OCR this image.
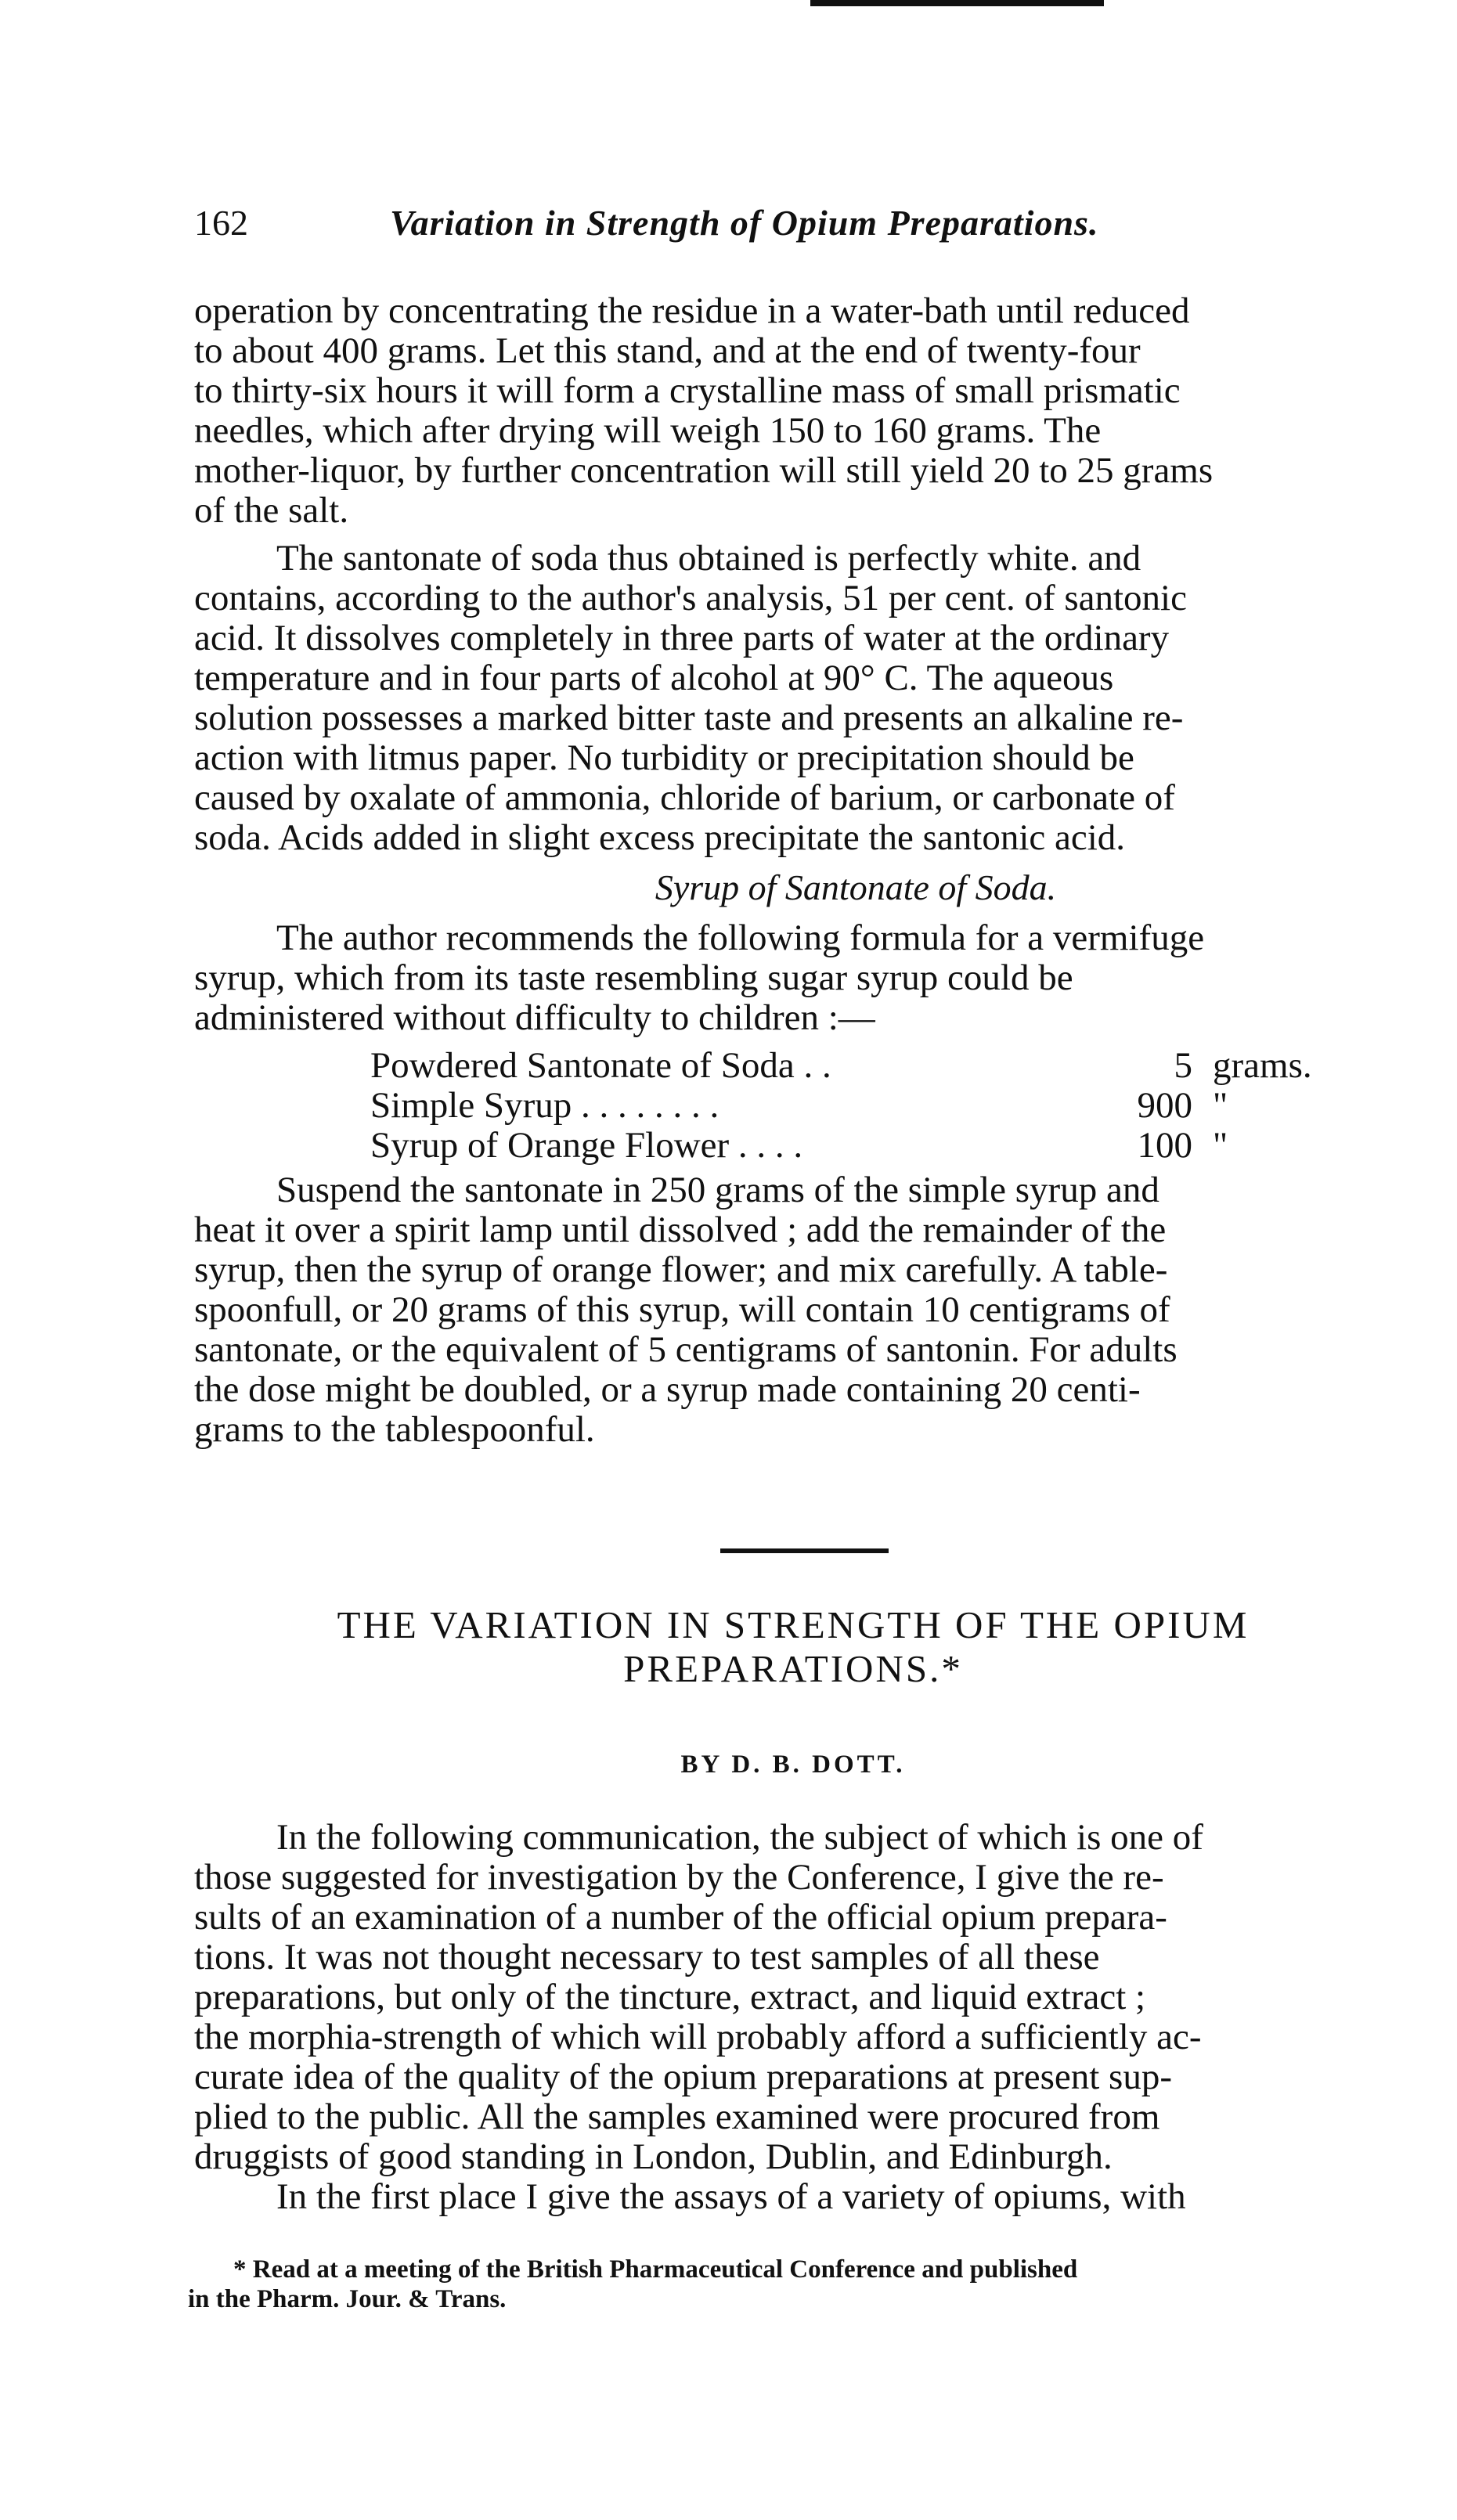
162	Variation in Strength of Opium Preparations.

operation by concentrating the residue in a water-bath until reduced
to about 400 grams. Let this stand, and at the end of twenty-four
to thirty-six hours it will form a crystalline mass of small prismatic
needles, which after drying will weigh 150 to 160 grams. The
mother-liquor, by further concentration will still yield 20 to 25 grams
of the salt.

The santonate of soda thus obtained is perfectly white. and
contains, according to the author's analysis, 51 per cent. of santonic
acid. It dissolves completely in three parts of water at the ordinary
temperature and in four parts of alcohol at 90° C. The aqueous
solution possesses a marked bitter taste and presents an alkaline re-
action with litmus paper. No turbidity or precipitation should be
caused by oxalate of ammonia, chloride of barium, or carbonate of
soda. Acids added in slight excess precipitate the santonic acid.

Syrup of Santonate of Soda.

The author recommends the following formula for a vermifuge
syrup, which from its taste resembling sugar syrup could be
administered without difficulty to children :—

Powdered Santonate of Soda . .	5 grams.
Simple Syrup . . . . . . . .	900 "
Syrup of Orange Flower . . . .	100 "

Suspend the santonate in 250 grams of the simple syrup and
heat it over a spirit lamp until dissolved ; add the remainder of the
syrup, then the syrup of orange flower; and mix carefully. A table-
spoonfull, or 20 grams of this syrup, will contain 10 centigrams of
santonate, or the equivalent of 5 centigrams of santonin. For adults
the dose might be doubled, or a syrup made containing 20 centi-
grams to the tablespoonful.

THE VARIATION IN STRENGTH OF THE OPIUM
PREPARATIONS.*
BY D. B. DOTT.

In the following communication, the subject of which is one of
those suggested for investigation by the Conference, I give the re-
sults of an examination of a number of the official opium prepara-
tions. It was not thought necessary to test samples of all these
preparations, but only of the tincture, extract, and liquid extract ;
the morphia-strength of which will probably afford a sufficiently ac-
curate idea of the quality of the opium preparations at present sup-
plied to the public. All the samples examined were procured from
druggists of good standing in London, Dublin, and Edinburgh.

In the first place I give the assays of a variety of opiums, with

* Read at a meeting of the British Pharmaceutical Conference and published
in the Pharm. Jour. & Trans.
